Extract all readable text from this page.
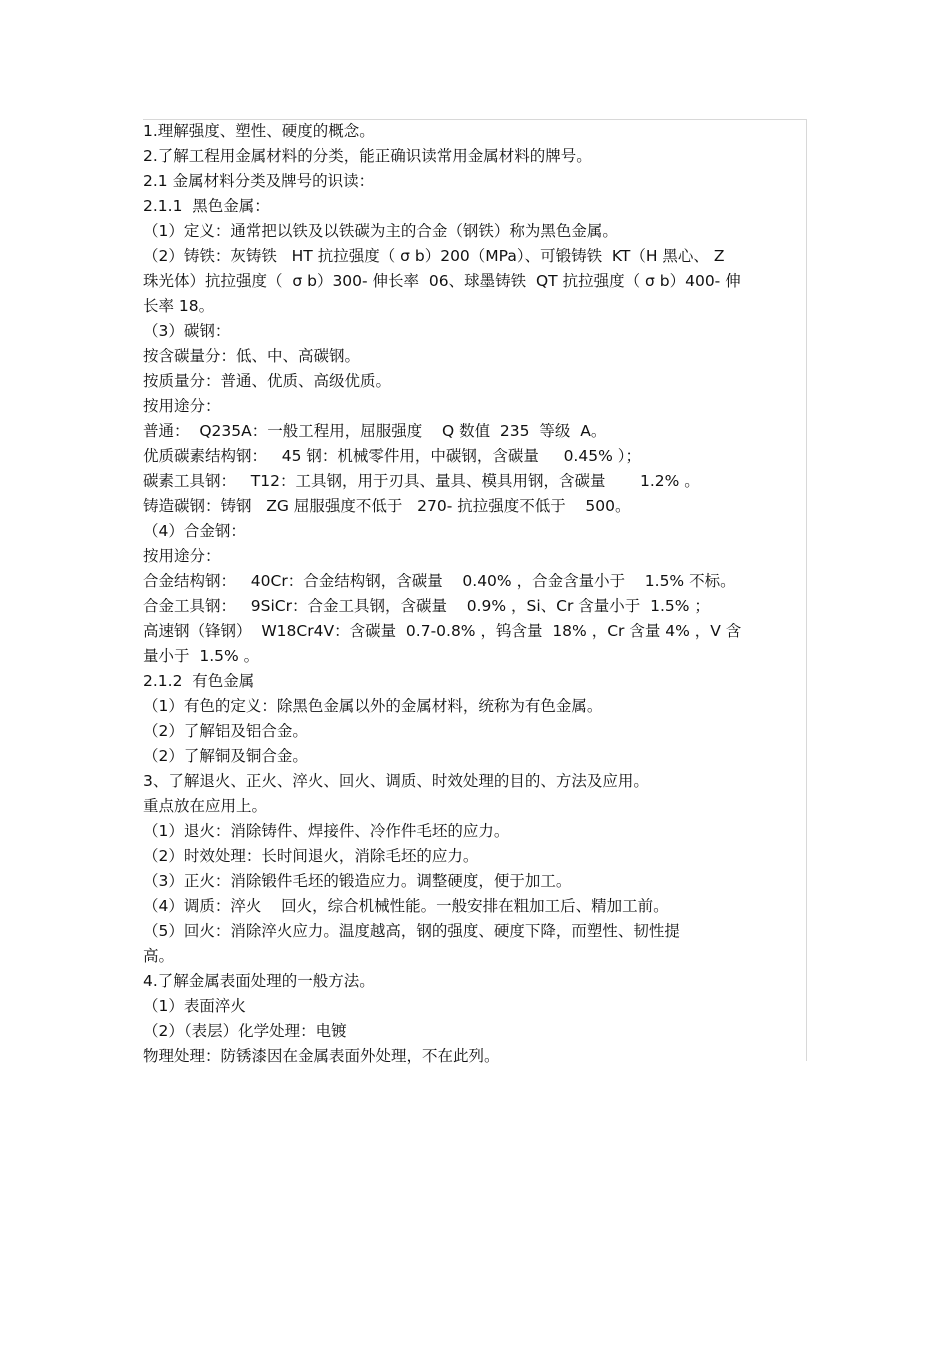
1.理解强度、塑性、硬度的概念。
2.了解工程用金属材料的分类，能正确识读常用金属材料的牌号。
2.1 金属材料分类及牌号的识读：
2.1.1  黑色金属：
（1）定义：通常把以铁及以铁碳为主的合金（钢铁）称为黑色金属。
（2）铸铁：灰铸铁   HT 抗拉强度（ σ b）200（MPa）、可锻铸铁  KT（H 黑心、 Z
珠光体）抗拉强度（  σ b）300- 伸长率  06、球墨铸铁  QT 抗拉强度（ σ b）400- 伸
长率 18。
（3）碳钢：
按含碳量分：低、中、高碳钢。
按质量分：普通、优质、高级优质。
按用途分：
普通：  Q235A：一般工程用，屈服强度    Q 数值  235  等级  A。
优质碳素结构钢：   45 钢：机械零件用，中碳钢，含碳量     0.45% ）；
碳素工具钢：   T12：工具钢，用于刃具、量具、模具用钢，含碳量       1.2% 。
铸造碳钢：铸钢   ZG 屈服强度不低于   270- 抗拉强度不低于    500。
（4）合金钢：
按用途分：
合金结构钢：   40Cr：合金结构钢，含碳量    0.40% ，合金含量小于    1.5% 不标。
合金工具钢：   9SiCr：合金工具钢，含碳量    0.9% ，Si、Cr 含量小于  1.5% ；
高速钢（锋钢）  W18Cr4V：含碳量  0.7-0.8% ，钨含量  18% ，Cr 含量 4% ，V 含
量小于  1.5% 。
2.1.2  有色金属
（1）有色的定义：除黑色金属以外的金属材料，统称为有色金属。
（2）了解铝及铝合金。
（2）了解铜及铜合金。
3、了解退火、正火、淬火、回火、调质、时效处理的目的、方法及应用。
重点放在应用上。
（1）退火：消除铸件、焊接件、冷作件毛坯的应力。
（2）时效处理：长时间退火，消除毛坯的应力。
（3）正火：消除锻件毛坯的锻造应力。调整硬度，便于加工。
（4）调质：淬火    回火，综合机械性能。一般安排在粗加工后、精加工前。
（5）回火：消除淬火应力。温度越高，钢的强度、硬度下降，而塑性、韧性提
高。
4.了解金属表面处理的一般方法。
（1）表面淬火
（2）（表层）化学处理：电镀
物理处理：防锈漆因在金属表面外处理，不在此列。
